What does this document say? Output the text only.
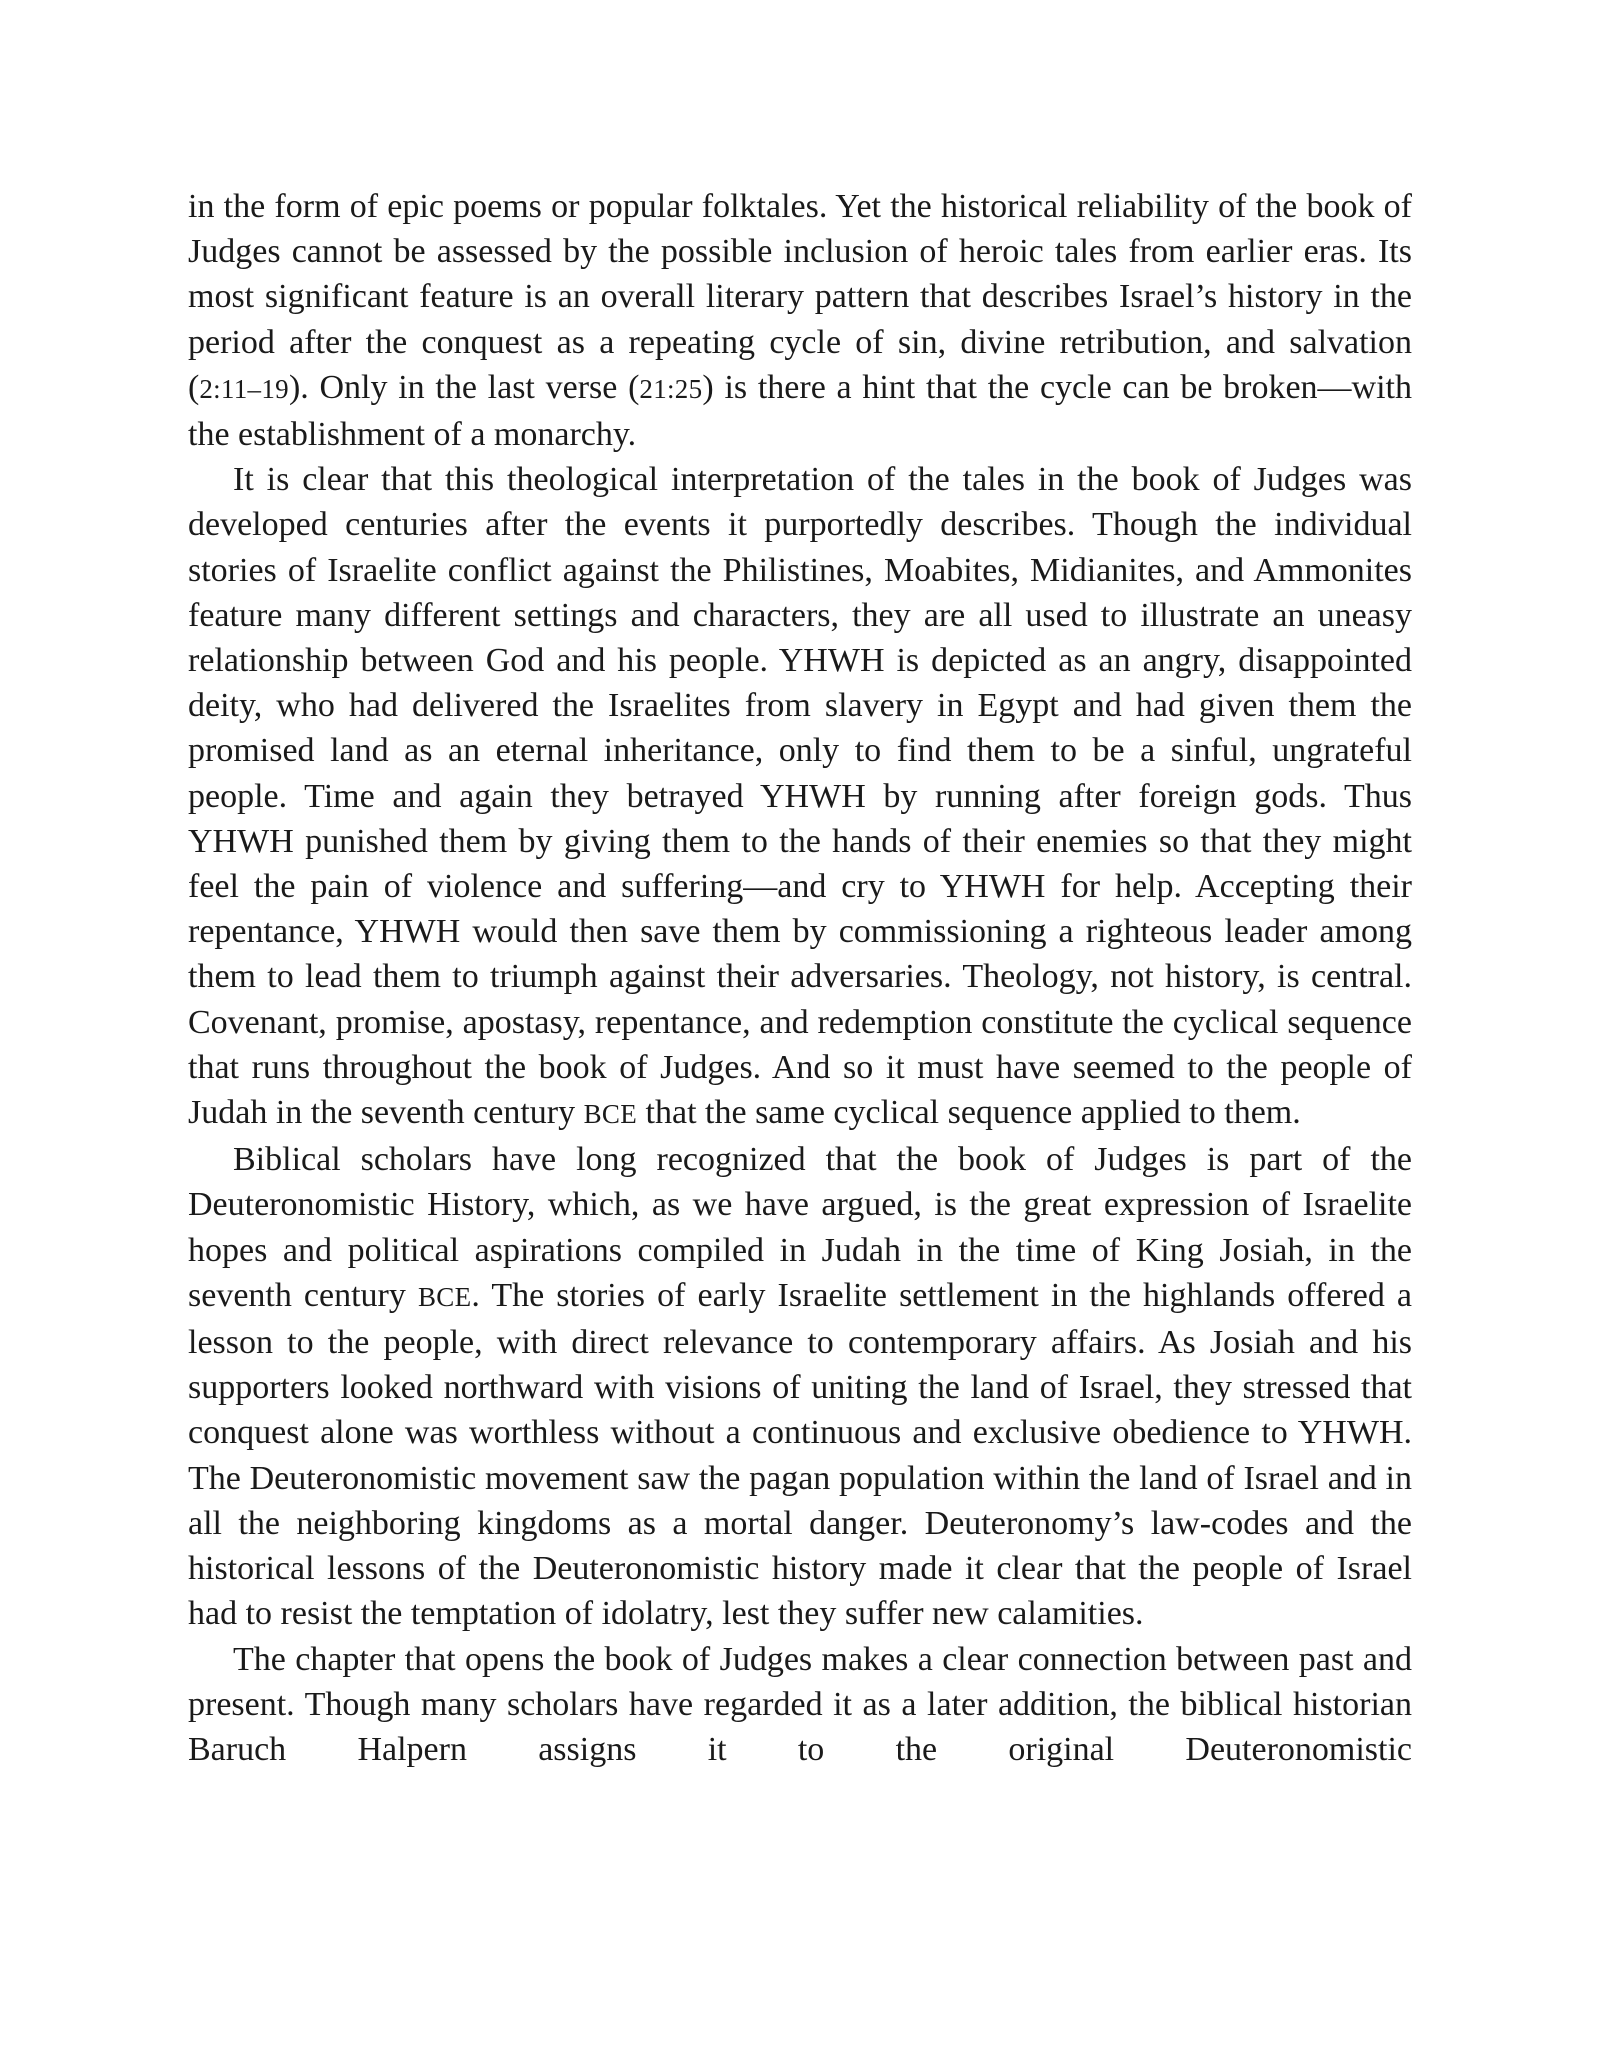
in the form of epic poems or popular folktales. Yet the historical reliability of the book of Judges cannot be assessed by the possible inclusion of heroic tales from earlier eras. Its most significant feature is an overall literary pattern that describes Israel’s history in the period after the conquest as a repeating cycle of sin, divine retribution, and salvation (2:11–19). Only in the last verse (21:25) is there a hint that the cycle can be broken—with the establishment of a monarchy.

It is clear that this theological interpretation of the tales in the book of Judges was developed centuries after the events it purportedly describes. Though the individual stories of Israelite conflict against the Philistines, Moabites, Midianites, and Ammonites feature many different settings and characters, they are all used to illustrate an uneasy relationship between God and his people. YHWH is depicted as an angry, disappointed deity, who had delivered the Israelites from slavery in Egypt and had given them the promised land as an eternal inheritance, only to find them to be a sinful, ungrateful people. Time and again they betrayed YHWH by running after foreign gods. Thus YHWH punished them by giving them to the hands of their enemies so that they might feel the pain of violence and suffering—and cry to YHWH for help. Accepting their repentance, YHWH would then save them by commissioning a righteous leader among them to lead them to triumph against their adversaries. Theology, not history, is central. Covenant, promise, apostasy, repentance, and redemption constitute the cyclical sequence that runs throughout the book of Judges. And so it must have seemed to the people of Judah in the seventh century BCE that the same cyclical sequence applied to them.

Biblical scholars have long recognized that the book of Judges is part of the Deuteronomistic History, which, as we have argued, is the great expression of Israelite hopes and political aspirations compiled in Judah in the time of King Josiah, in the seventh century BCE. The stories of early Israelite settlement in the highlands offered a lesson to the people, with direct relevance to contemporary affairs. As Josiah and his supporters looked northward with visions of uniting the land of Israel, they stressed that conquest alone was worthless without a continuous and exclusive obedience to YHWH. The Deuteronomistic movement saw the pagan population within the land of Israel and in all the neighboring kingdoms as a mortal danger. Deuteronomy’s law-codes and the historical lessons of the Deuteronomistic history made it clear that the people of Israel had to resist the temptation of idolatry, lest they suffer new calamities.

The chapter that opens the book of Judges makes a clear connection between past and present. Though many scholars have regarded it as a later addition, the biblical historian Baruch Halpern assigns it to the original Deuteronomistic
